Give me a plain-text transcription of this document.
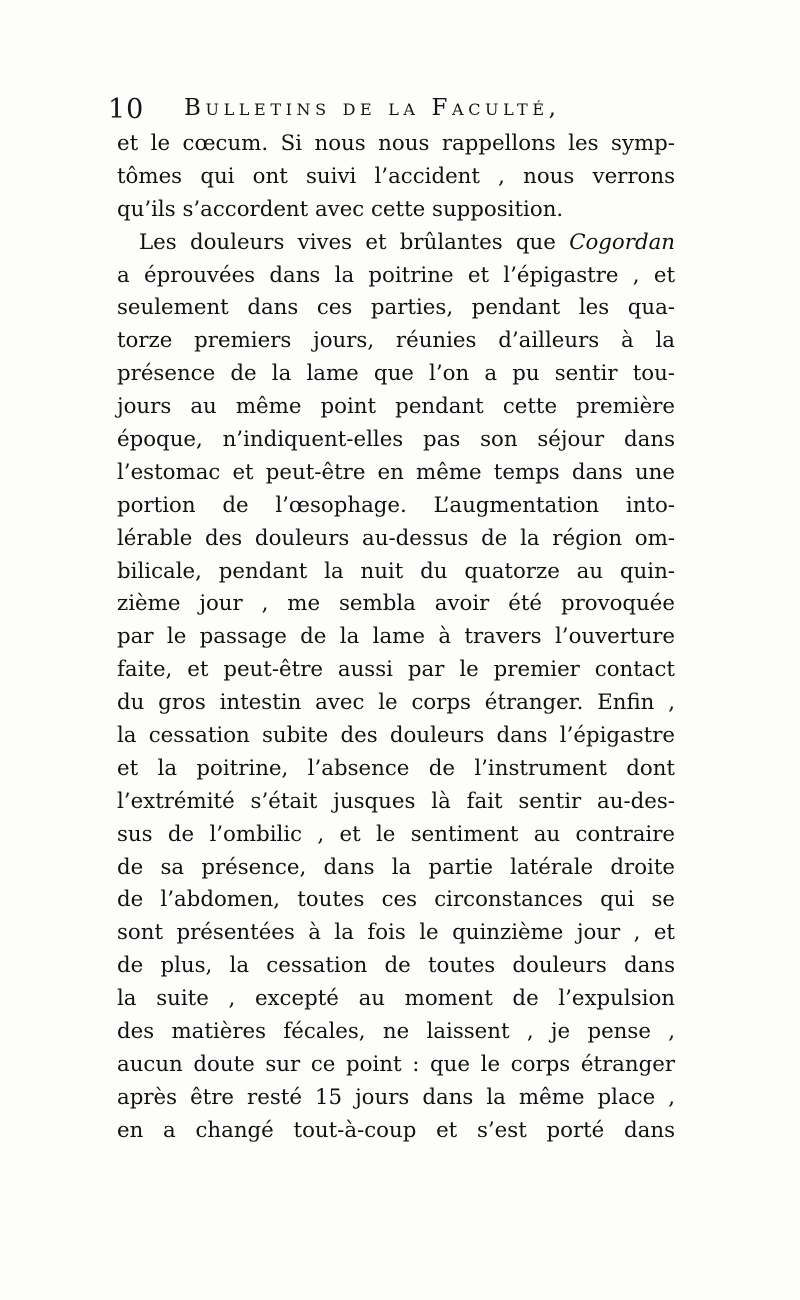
10 Bulletins de la Faculté,
et le cœcum. Si nous nous rappellons les symp-
tômes qui ont suivi l’accident , nous verrons
qu’ils s’accordent avec cette supposition.
Les douleurs vives et brûlantes que Cogordan
a éprouvées dans la poitrine et l’épigastre , et
seulement dans ces parties, pendant les qua-
torze premiers jours, réunies d’ailleurs à la
présence de la lame que l’on a pu sentir tou-
jours au même point pendant cette première
époque, n’indiquent-elles pas son séjour dans
l’estomac et peut-être en même temps dans une
portion de l’œsophage. L’augmentation into-
lérable des douleurs au-dessus de la région om-
bilicale, pendant la nuit du quatorze au quin-
zième jour , me sembla avoir été provoquée
par le passage de la lame à travers l’ouverture
faite, et peut-être aussi par le premier contact
du gros intestin avec le corps étranger. Enfin ,
la cessation subite des douleurs dans l’épigastre
et la poitrine, l’absence de l’instrument dont
l’extrémité s’était jusques là fait sentir au-des-
sus de l’ombilic , et le sentiment au contraire
de sa présence, dans la partie latérale droite
de l’abdomen, toutes ces circonstances qui se
sont présentées à la fois le quinzième jour , et
de plus, la cessation de toutes douleurs dans
la suite , excepté au moment de l’expulsion
des matières fécales, ne laissent , je pense ,
aucun doute sur ce point : que le corps étranger
après être resté 15 jours dans la même place ,
en a changé tout-à-coup et s’est porté dans
